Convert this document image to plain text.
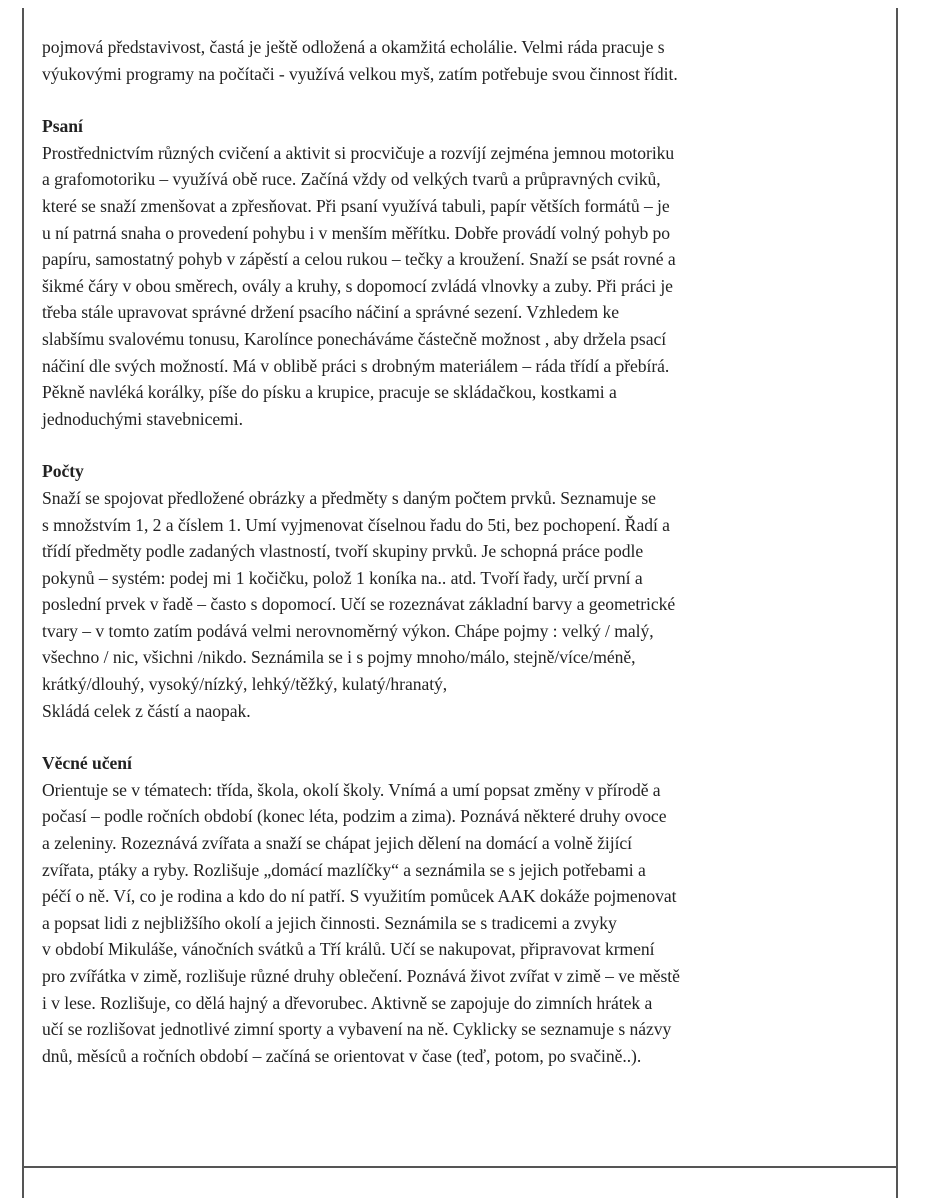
pojmová představivost, častá je ještě odložená a okamžitá echolálie. Velmi ráda pracuje s
výukovými programy na počítači - využívá velkou myš, zatím potřebuje svou činnost řídit.
Psaní
Prostřednictvím různých cvičení a aktivit si procvičuje a rozvíjí zejména jemnou motoriku
a grafomotoriku – využívá obě ruce. Začíná vždy od velkých tvarů a průpravných cviků,
které se snaží zmenšovat a zpřesňovat. Při psaní využívá tabuli, papír větších formátů – je
u ní patrná snaha o provedení pohybu i v menším měřítku. Dobře provádí volný pohyb po
papíru, samostatný pohyb v zápěstí a celou rukou – tečky a kroužení. Snaží se psát rovné a
šikmé čáry v obou směrech, ovály a kruhy, s dopomocí zvládá vlnovky a zuby. Při práci je
třeba stále upravovat správné držení psacího náčiní a správné sezení. Vzhledem ke
slabšímu svalovému tonusu, Karolínce ponecháváme částečně možnost , aby držela psací
náčiní dle svých možností. Má v oblibě práci s drobným materiálem – ráda třídí a přebírá.
Pěkně navléká korálky, píše do písku a krupice, pracuje se skládačkou, kostkami a
jednoduchými stavebnicemi.
Počty
Snaží se spojovat předložené obrázky a předměty s daným počtem prvků. Seznamuje se
s množstvím 1, 2 a číslem 1. Umí vyjmenovat číselnou řadu do 5ti, bez pochopení. Řadí a
třídí předměty podle zadaných vlastností, tvoří skupiny prvků. Je schopná práce podle
pokynů – systém: podej mi 1 kočičku, polož 1 koníka na.. atd. Tvoří řady, určí první a
poslední prvek v řadě – často s dopomocí. Učí se rozeznávat základní barvy a geometrické
tvary – v tomto zatím podává velmi nerovnoměrný výkon. Chápe pojmy : velký / malý,
všechno / nic, všichni /nikdo. Seznámila se i s pojmy mnoho/málo, stejně/více/méně,
krátký/dlouhý, vysoký/nízký, lehký/těžký, kulatý/hranatý,
Skládá celek z částí a naopak.
Věcné učení
Orientuje se v tématech: třída, škola, okolí školy. Vnímá a umí popsat změny v přírodě a
počasí – podle ročních období (konec léta, podzim a zima). Poznává některé druhy ovoce
a zeleniny. Rozeznává zvířata a snaží se chápat jejich dělení na domácí a volně žijící
zvířata, ptáky a ryby. Rozlišuje „domácí mazlíčky“ a seznámila se s jejich potřebami a
péčí o ně. Ví, co je rodina a kdo do ní patří. S využitím pomůcek AAK dokáže pojmenovat
a popsat lidi z nejbližšího okolí a jejich činnosti. Seznámila se s tradicemi a zvyky
v období Mikuláše, vánočních svátků a Tří králů. Učí se nakupovat, připravovat krmení
pro zvířátka v zimě, rozlišuje různé druhy oblečení. Poznává život zvířat v zimě – ve městě
i v lese. Rozlišuje, co dělá hajný a dřevorubec. Aktivně se zapojuje do zimních hrátek a
učí se rozlišovat jednotlivé zimní sporty a vybavení na ně. Cyklicky se seznamuje s názvy
dnů, měsíců a ročních období – začíná se orientovat v čase (teď, potom, po svačině..).
